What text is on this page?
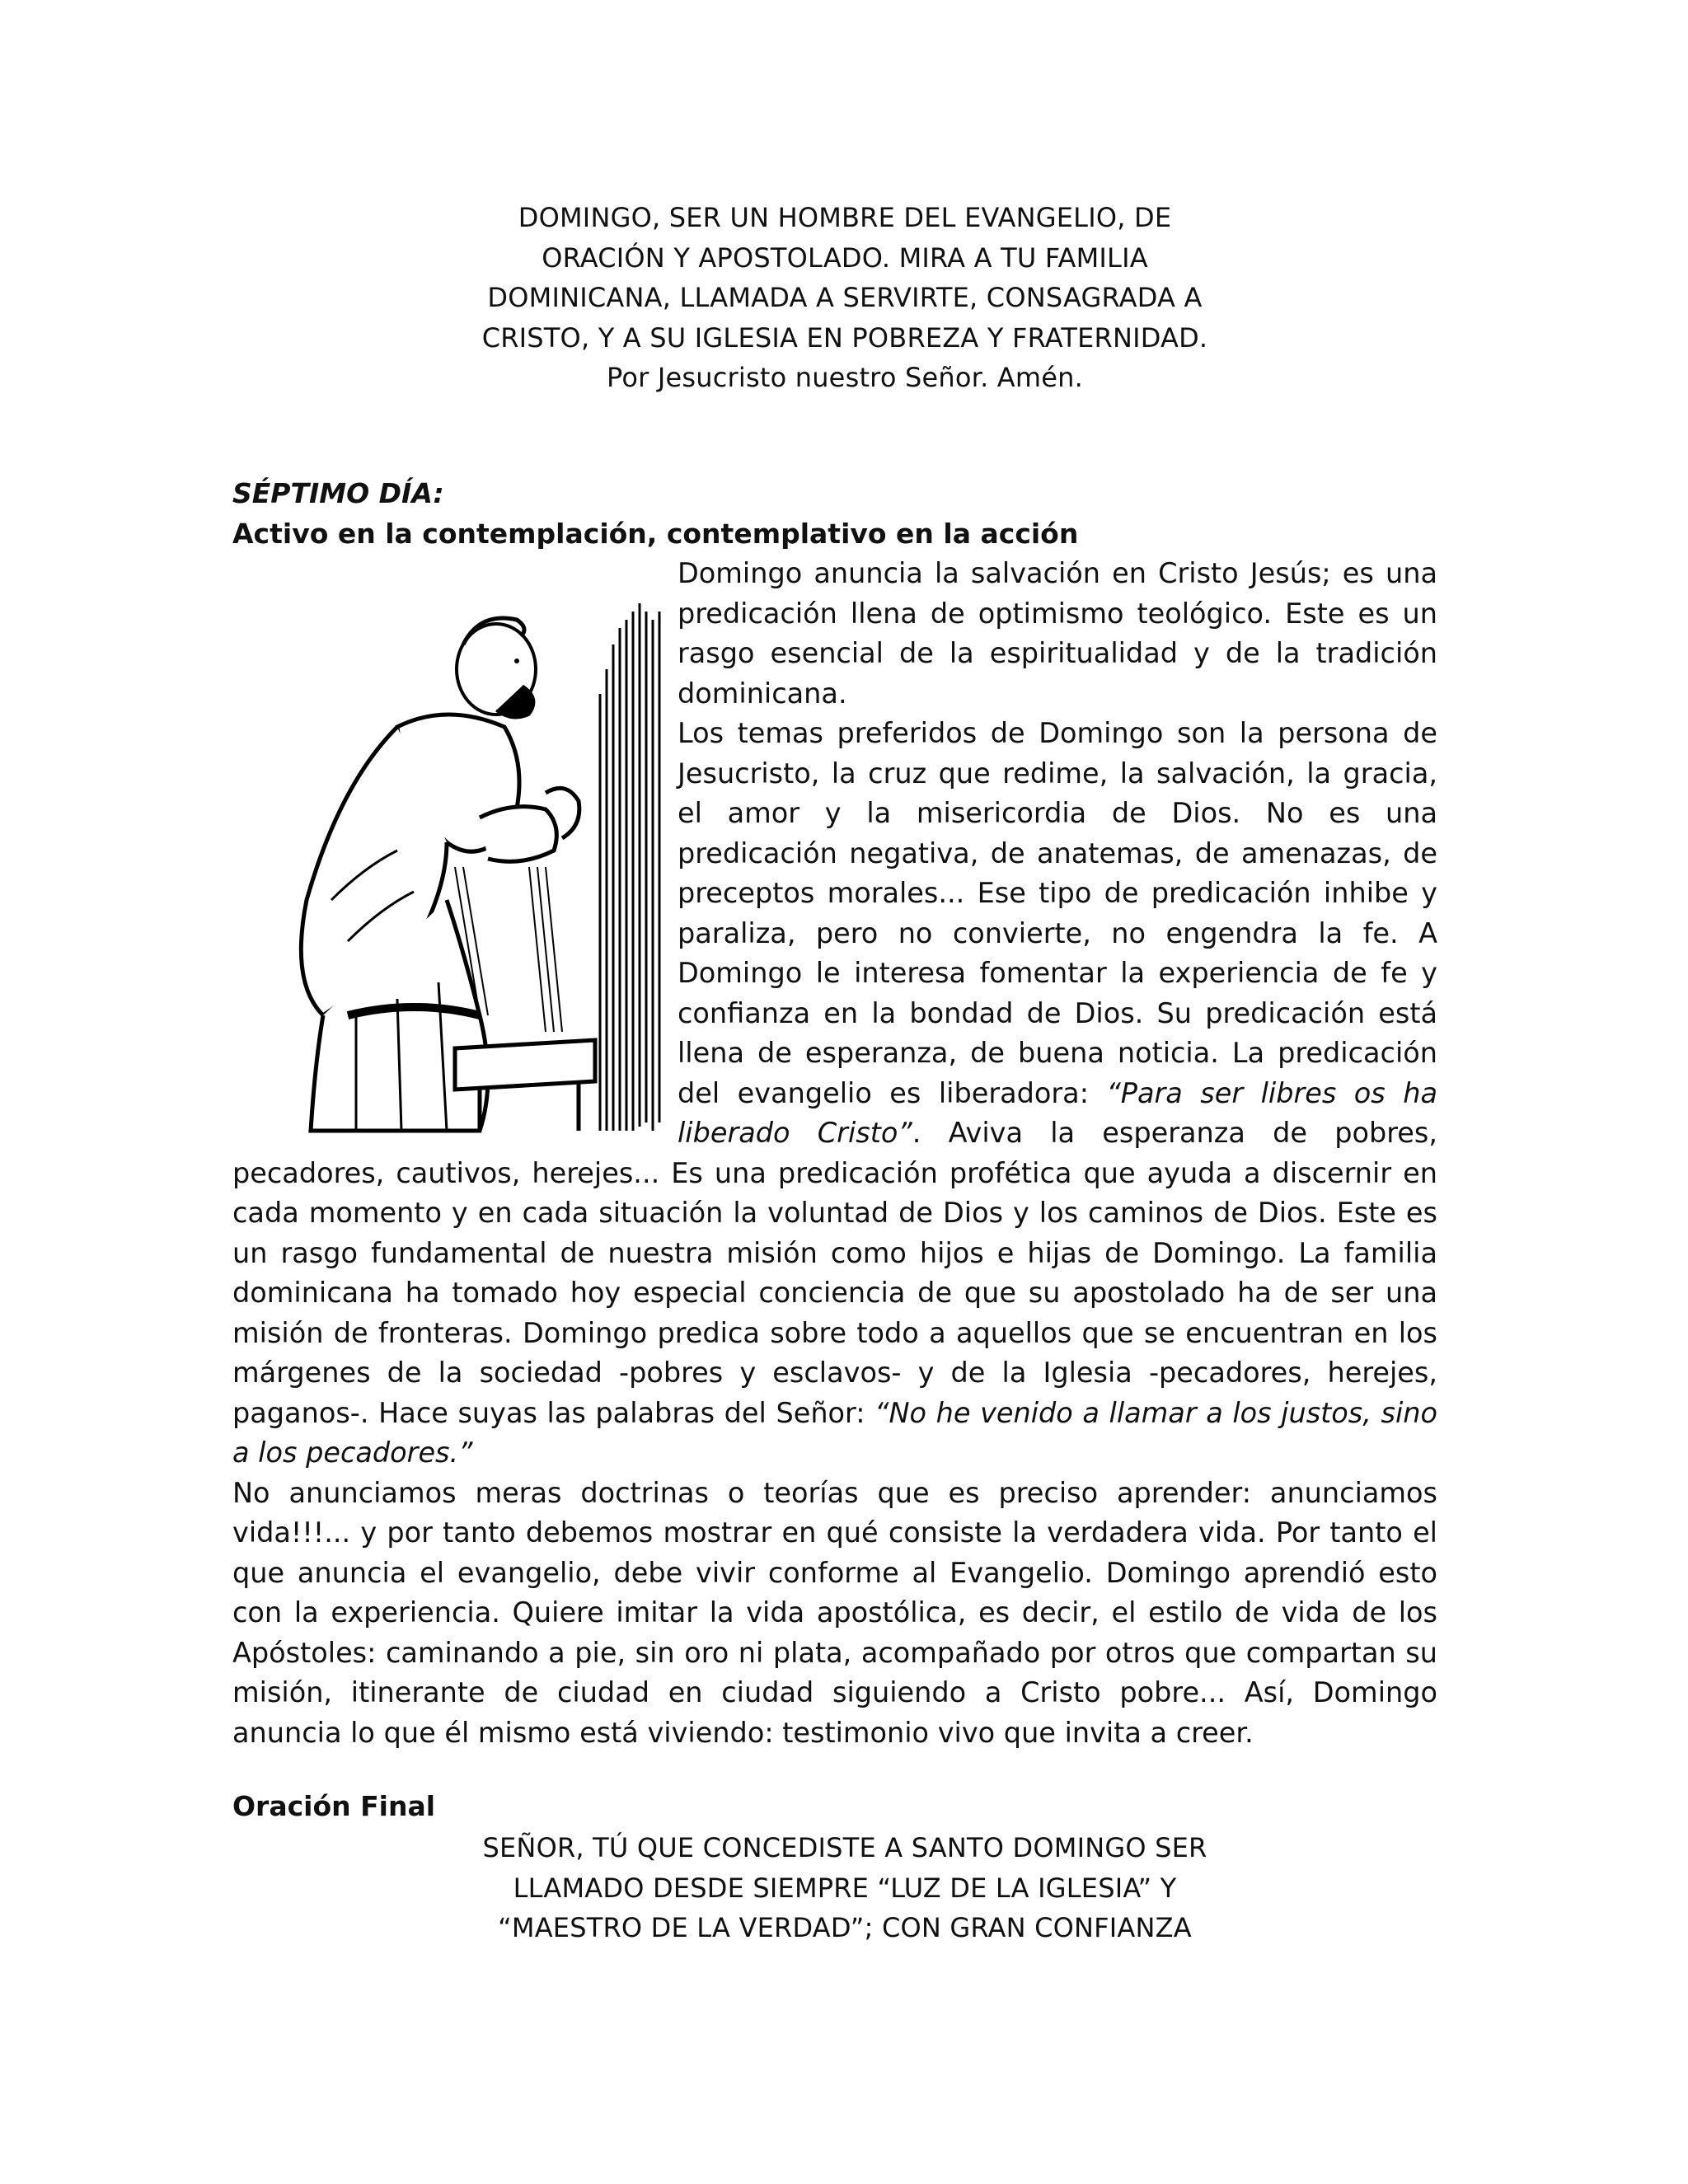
DOMINGO, SER UN HOMBRE DEL EVANGELIO, DE
ORACIÓN Y APOSTOLADO. MIRA A TU FAMILIA
DOMINICANA, LLAMADA A SERVIRTE, CONSAGRADA A
CRISTO, Y A SU IGLESIA EN POBREZA Y FRATERNIDAD.
Por Jesucristo nuestro Señor. Amén.
SÉPTIMO DÍA:
Activo en la contemplación, contemplativo en la acción

Domingo anuncia la salvación en Cristo Jesús; es una predicación llena de optimismo teológico. Este es un rasgo esencial de la espiritualidad y de la tradición dominicana.

Los temas preferidos de Domingo son la persona de Jesucristo, la cruz que redime, la salvación, la gracia, el amor y la misericordia de Dios. No es una predicación negativa, de anatemas, de amenazas, de preceptos morales... Ese tipo de predicación inhibe y paraliza, pero no convierte, no engendra la fe. A Domingo le interesa fomentar la experiencia de fe y confianza en la bondad de Dios. Su predicación está llena de esperanza, de buena noticia. La predicación del evangelio es liberadora: “Para ser libres os ha liberado Cristo”. Aviva la esperanza de pobres, pecadores, cautivos, herejes... Es una predicación profética que ayuda a discernir en cada momento y en cada situación la voluntad de Dios y los caminos de Dios. Este es un rasgo fundamental de nuestra misión como hijos e hijas de Domingo. La familia dominicana ha tomado hoy especial conciencia de que su apostolado ha de ser una misión de fronteras. Domingo predica sobre todo a aquellos que se encuentran en los márgenes de la sociedad -pobres y esclavos- y de la Iglesia -pecadores, herejes, paganos-. Hace suyas las palabras del Señor: “No he venido a llamar a los justos, sino a los pecadores.”

No anunciamos meras doctrinas o teorías que es preciso aprender: anunciamos vida!!!... y por tanto debemos mostrar en qué consiste la verdadera vida. Por tanto el que anuncia el evangelio, debe vivir conforme al Evangelio. Domingo aprendió esto con la experiencia. Quiere imitar la vida apostólica, es decir, el estilo de vida de los Apóstoles: caminando a pie, sin oro ni plata, acompañado por otros que compartan su misión, itinerante de ciudad en ciudad siguiendo a Cristo pobre... Así, Domingo anuncia lo que él mismo está viviendo: testimonio vivo que invita a creer.

Oración Final
SEÑOR, TÚ QUE CONCEDISTE A SANTO DOMINGO SER
LLAMADO DESDE SIEMPRE “LUZ DE LA IGLESIA” Y
“MAESTRO DE LA VERDAD”; CON GRAN CONFIANZA
